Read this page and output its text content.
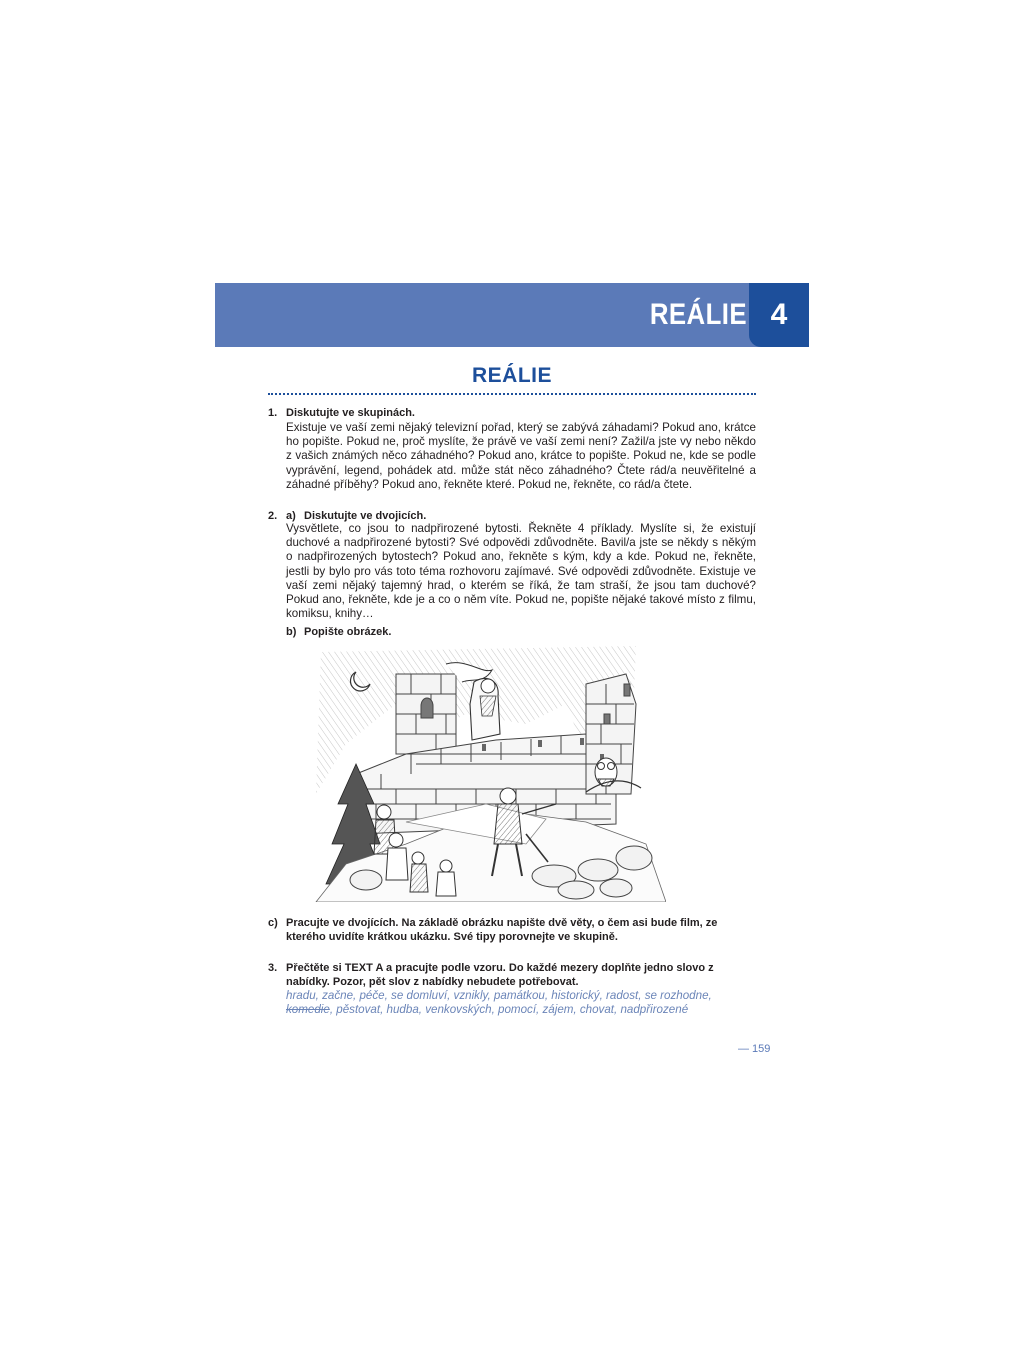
REÁLIE 4
REÁLIE
1. Diskutujte ve skupinách.
Existuje ve vaší zemi nějaký televizní pořad, který se zabývá záhadami? Pokud ano, krátce ho popište. Pokud ne, proč myslíte, že právě ve vaší zemi není? Zažil/a jste vy nebo někdo z vašich známých něco záhadného? Pokud ano, krátce to popište. Pokud ne, kde se podle vyprávění, legend, pohádek atd. může stát něco záhadného? Čtete rád/a neuvěřitelné a záhadné příběhy? Pokud ano, řekněte které. Pokud ne, řekněte, co rád/a čtete.
2. a) Diskutujte ve dvojicích.
Vysvětlete, co jsou to nadpřirozené bytosti. Řekněte 4 příklady. Myslíte si, že existují duchové a nadpřirozené bytosti? Své odpovědi zdůvodněte. Bavil/a jste se někdy s někým o nadpřirozených bytostech? Pokud ano, řekněte s kým, kdy a kde. Pokud ne, řekněte, jestli by bylo pro vás toto téma rozhovoru zajímavé. Své odpovědi zdůvodněte. Existuje ve vaší zemi nějaký tajemný hrad, o kterém se říká, že tam straší, že jsou tam duchové? Pokud ano, řekněte, kde je a co o něm víte. Pokud ne, popište nějaké takové místo z filmu, komiksu, knihy…
b) Popište obrázek.
c) Pracujte ve dvojících. Na základě obrázku napište dvě věty, o čem asi bude film, ze kterého uvidíte krátkou ukázku. Své tipy porovnejte ve skupině.
3. Přečtěte si TEXT A a pracujte podle vzoru. Do každé mezery doplňte jedno slovo z nabídky. Pozor, pět slov z nabídky nebudete potřebovat.
hradu, začne, péče, se domluví, vznikly, památkou, historický, radost, se rozhodne, komedie, pěstovat, hudba, venkovských, pomocí, zájem, chovat, nadpřirozené
— 159
